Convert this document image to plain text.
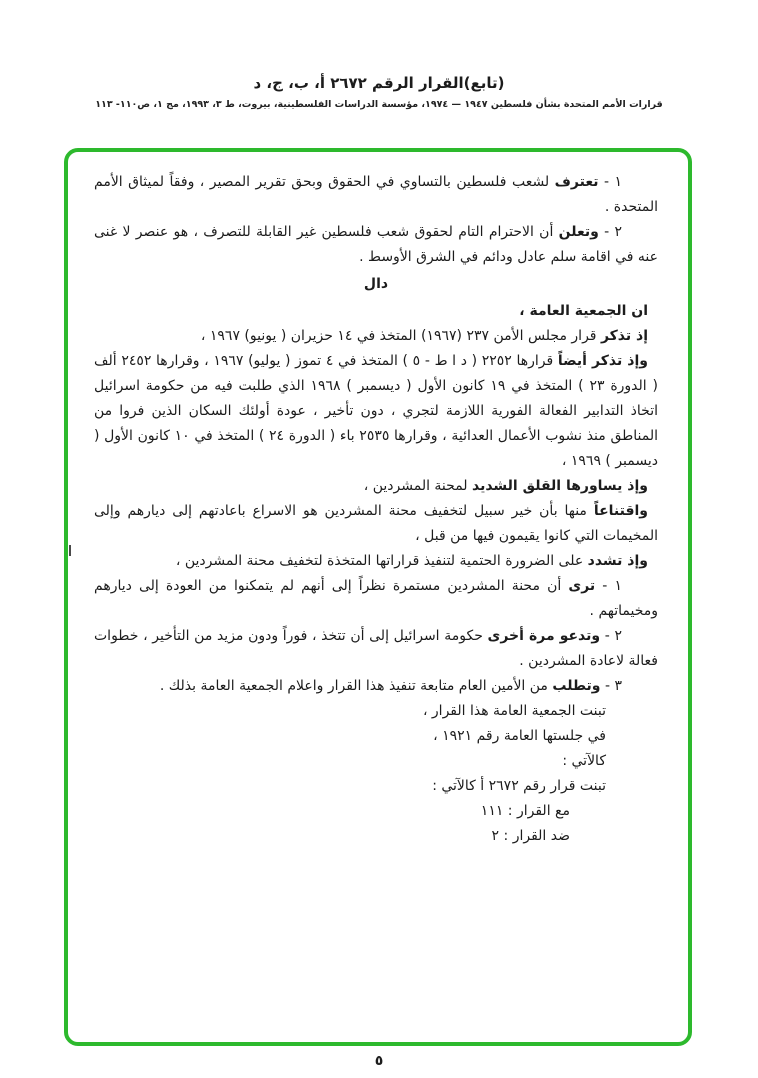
(تابع)القرار الرقم ٢٦٧٢ أ، ب، ج، د
قرارات الأمم المتحدة بشأن فلسطين ١٩٤٧ — ١٩٧٤، مؤسسة الدراسات الفلسطينية، بيروت، ط ٣، ١٩٩٣، مج ١، ص١١٠- ١١٣

١ - تعترف لشعب فلسطين بالتساوي في الحقوق وبحق تقرير المصير ، وفقاً لميثاق الأمم المتحدة .

٢ - وتعلن أن الاحترام التام لحقوق شعب فلسطين غير القابلة للتصرف ، هو عنصر لا غنى عنه في اقامة سلم عادل ودائم في الشرق الأوسط .

دال

ان الجمعية العامة ،

إذ تذكر قرار مجلس الأمن ٢٣٧ (١٩٦٧) المتخذ في ١٤ حزيران ( يونيو) ١٩٦٧ ،

وإذ تذكر أيضاً قرارها ٢٢٥٢ ( د ا ط - ٥ ) المتخذ في ٤ تموز ( يوليو) ١٩٦٧ ، وقرارها ٢٤٥٢ ألف ( الدورة ٢٣ ) المتخذ في ١٩ كانون الأول ( ديسمبر ) ١٩٦٨ الذي طلبت فيه من حكومة اسرائيل اتخاذ التدابير الفعالة الفورية اللازمة لتجري ، دون تأخير ، عودة أولئك السكان الذين فروا من المناطق منذ نشوب الأعمال العدائية ، وقرارها ٢٥٣٥ باء ( الدورة ٢٤ ) المتخذ في ١٠ كانون الأول ( ديسمبر ) ١٩٦٩ ،

وإذ يساورها القلق الشديد لمحنة المشردين ،

واقتناعاً منها بأن خير سبيل لتخفيف محنة المشردين هو الاسراع باعادتهم إلى ديارهم وإلى المخيمات التي كانوا يقيمون فيها من قبل ،

وإذ تشدد على الضرورة الحتمية لتنفيذ قراراتها المتخذة لتخفيف محنة المشردين ،

١ - ترى أن محنة المشردين مستمرة نظراً إلى أنهم لم يتمكنوا من العودة إلى ديارهم ومخيماتهم .

٢ - وتدعو مرة أخرى حكومة اسرائيل إلى أن تتخذ ، فوراً ودون مزيد من التأخير ، خطوات فعالة لاعادة المشردين .

٣ - وتطلب من الأمين العام متابعة تنفيذ هذا القرار واعلام الجمعية العامة بذلك .

تبنت الجمعية العامة هذا القرار ،

في جلستها العامة رقم ١٩٢١ ،

كالآتي :

تبنت قرار رقم ٢٦٧٢ أ كالآتي :

مع القرار : ١١١

ضد القرار : ٢

٥
